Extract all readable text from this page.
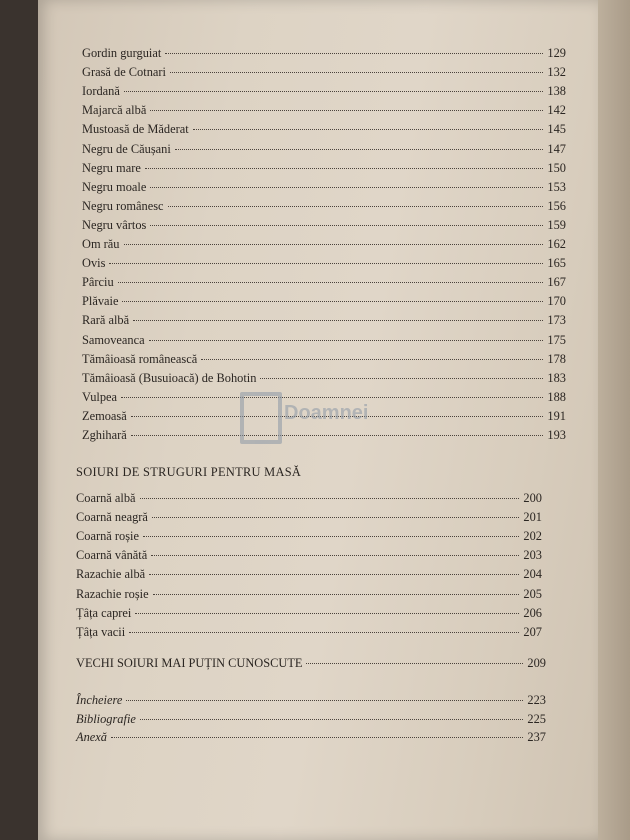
Gordin gurguiat	129
Grasă de Cotnari	132
Iordană	138
Majarcă albă	142
Mustoasă de Măderat	145
Negru de Căușani	147
Negru mare	150
Negru moale	153
Negru românesc	156
Negru vârtos	159
Om rău	162
Ovis	165
Pârciu	167
Plăvaie	170
Rară albă	173
Samoveanca	175
Tămâioasă românească	178
Tămâioasă (Busuioacă) de Bohotin	183
Vulpea	188
Zemoasă	191
Zghihară	193
Coarnă albă	200
Coarnă neagră	201
Coarnă roșie	202
Coarnă vânătă	203
Razachie albă	204
Razachie roșie	205
Țâța caprei	206
Țâța vacii	207
VECHI SOIURI MAI PUȚIN CUNOSCUTE	209
Încheiere	223
Bibliografie	225
Anexă	237
SOIURI DE STRUGURI PENTRU MASĂ
Doamnei
